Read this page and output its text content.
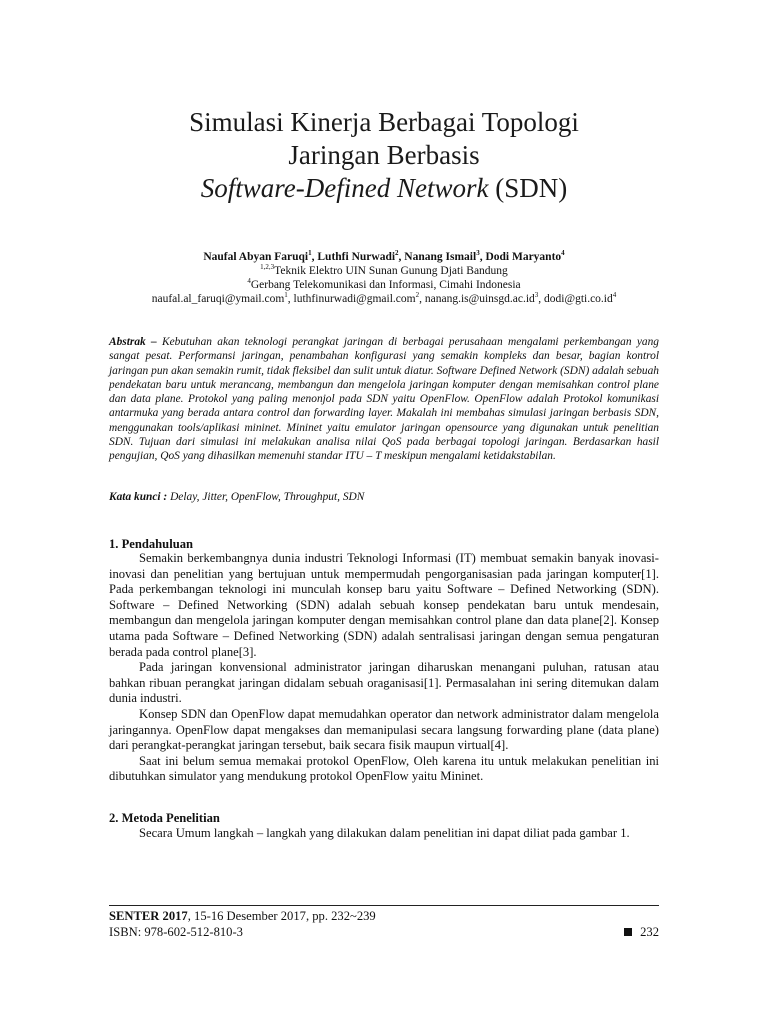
Simulasi Kinerja Berbagai Topologi
Jaringan Berbasis
Software-Defined Network (SDN)
Naufal Abyan Faruqi$^1$, Luthfi Nurwadi$^2$, Nanang Ismail$^3$, Dodi Maryanto$^4$
$^{1,2,3}$Teknik Elektro UIN Sunan Gunung Djati Bandung
$^4$Gerbang Telekomunikasi dan Informasi, Cimahi Indonesia
naufal.al_faruqi@ymail.com$^1$, luthfinurwadi@gmail.com$^2$, $nanang.is@uinsgd.ac.id^3$, $dodi@gti.co.id^4$
Abstrak – Kebutuhan akan teknologi perangkat jaringan di berbagai perusahaan mengalami perkembangan yang sangat pesat. Performansi jaringan, penambahan konfigurasi yang semakin kompleks dan besar, bagian kontrol jaringan pun akan semakin rumit, tidak fleksibel dan sulit untuk diatur. Software Defined Network (SDN) adalah sebuah pendekatan baru untuk merancang, membangun dan mengelola jaringan komputer dengan memisahkan control plane dan data plane. Protokol yang paling menonjol pada SDN yaitu OpenFlow. OpenFlow adalah Protokol komunikasi antarmuka yang berada antara control dan forwarding layer. Makalah ini membahas simulasi jaringan berbasis SDN, menggunakan tools/aplikasi mininet. Mininet yaitu emulator jaringan opensource yang digunakan untuk penelitian SDN. Tujuan dari simulasi ini melakukan analisa nilai QoS pada berbagai topologi jaringan. Berdasarkan hasil pengujian, QoS yang dihasilkan memenuhi standar ITU – T meskipun mengalami ketidakstabilan.
Kata kunci : Delay, Jitter, OpenFlow, Throughput, SDN
1. Pendahuluan

Semakin berkembangnya dunia industri Teknologi Informasi (IT) membuat semakin banyak inovasi-inovasi dan penelitian yang bertujuan untuk mempermudah pengorganisasian pada jaringan komputer[1]. Pada perkembangan teknologi ini munculah konsep baru yaitu Software – Defined Networking (SDN). Software – Defined Networking (SDN) adalah sebuah konsep pendekatan baru untuk mendesain, membangun dan mengelola jaringan komputer dengan memisahkan control plane dan data plane[2]. Konsep utama pada Software – Defined Networking (SDN) adalah sentralisasi jaringan dengan semua pengaturan berada pada control plane[3].

Pada jaringan konvensional administrator jaringan diharuskan menangani puluhan, ratusan atau bahkan ribuan perangkat jaringan didalam sebuah oraganisasi[1]. Permasalahan ini sering ditemukan dalam dunia industri.

Konsep SDN dan OpenFlow dapat memudahkan operator dan network administrator dalam mengelola jaringannya. OpenFlow dapat mengakses dan memanipulasi secara langsung forwarding plane (data plane) dari perangkat-perangkat jaringan tersebut, baik secara fisik maupun virtual[4].

Saat ini belum semua memakai protokol OpenFlow, Oleh karena itu untuk melakukan penelitian ini dibutuhkan simulator yang mendukung protokol OpenFlow yaitu Mininet.

2. Metoda Penelitian

Secara Umum langkah – langkah yang dilakukan dalam penelitian ini dapat diliat pada gambar 1.

SENTER 2017, 15-16 Desember 2017, pp. 232~239
ISBN: 978-602-512-810-3	232
